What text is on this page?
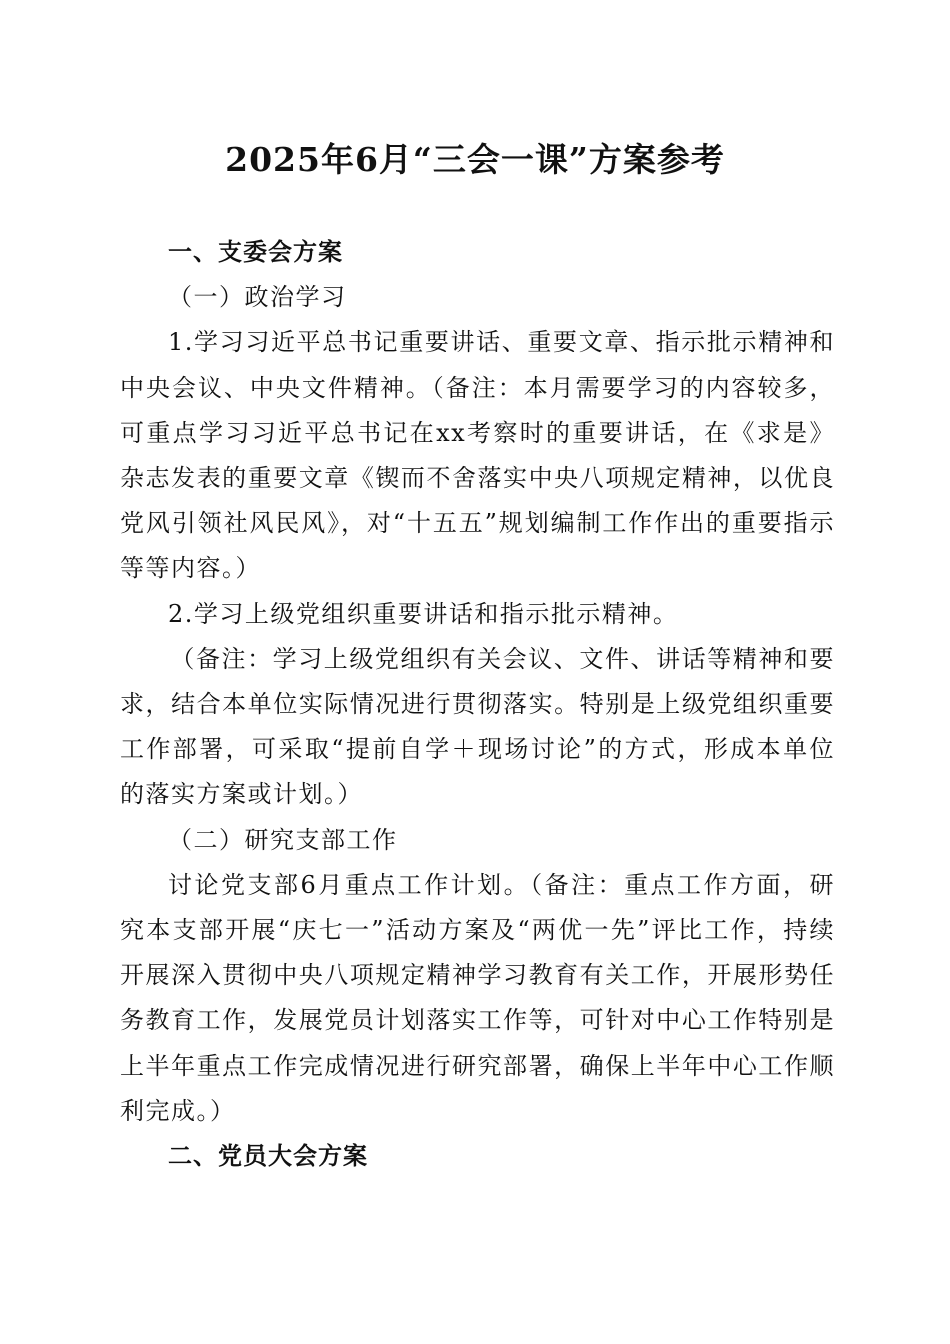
2025年6月“三会一课”方案参考

一、支委会方案

（一）政治学习

1.学习习近平总书记重要讲话、重要文章、指示批示精神和中央会议、中央文件精神。（备注：本月需要学习的内容较多，可重点学习习近平总书记在xx考察时的重要讲话，在《求是》杂志发表的重要文章《锲而不舍落实中央八项规定精神，以优良党风引领社风民风》，对“十五五”规划编制工作作出的重要指示等等内容。）

2.学习上级党组织重要讲话和指示批示精神。

（备注：学习上级党组织有关会议、文件、讲话等精神和要求，结合本单位实际情况进行贯彻落实。特别是上级党组织重要工作部署，可采取“提前自学＋现场讨论”的方式，形成本单位的落实方案或计划。）

（二）研究支部工作

讨论党支部6月重点工作计划。（备注：重点工作方面，研究本支部开展“庆七一”活动方案及“两优一先”评比工作，持续开展深入贯彻中央八项规定精神学习教育有关工作，开展形势任务教育工作，发展党员计划落实工作等，可针对中心工作特别是上半年重点工作完成情况进行研究部署，确保上半年中心工作顺利完成。）

二、党员大会方案
